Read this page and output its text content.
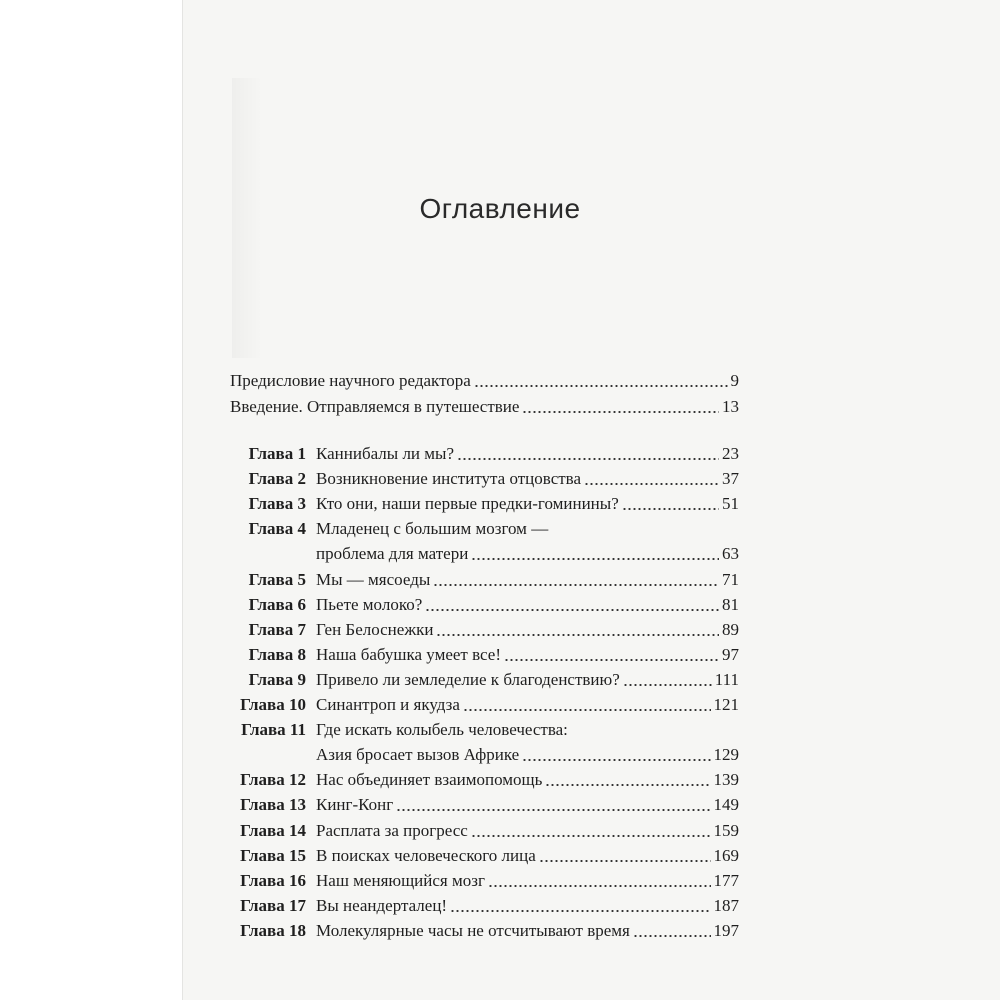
Оглавление
Предисловие научного редактора	9
Введение. Отправляемся в путешествие	13
Глава 1 Каннибалы ли мы?	23
Глава 2 Возникновение института отцовства	37
Глава 3 Кто они, наши первые предки-гоминины?	51
Глава 4 Младенец с большим мозгом —
проблема для матери	63
Глава 5 Мы — мясоеды	71
Глава 6 Пьете молоко?	81
Глава 7 Ген Белоснежки	89
Глава 8 Наша бабушка умеет все!	97
Глава 9 Привело ли земледелие к благоденствию?	111
Глава 10 Синантроп и якудза	121
Глава 11 Где искать колыбель человечества:
Азия бросает вызов Африке	129
Глава 12 Нас объединяет взаимопомощь	139
Глава 13 Кинг-Конг	149
Глава 14 Расплата за прогресс	159
Глава 15 В поисках человеческого лица	169
Глава 16 Наш меняющийся мозг	177
Глава 17 Вы неандерталец!	187
Глава 18 Молекулярные часы не отсчитывают время	197
